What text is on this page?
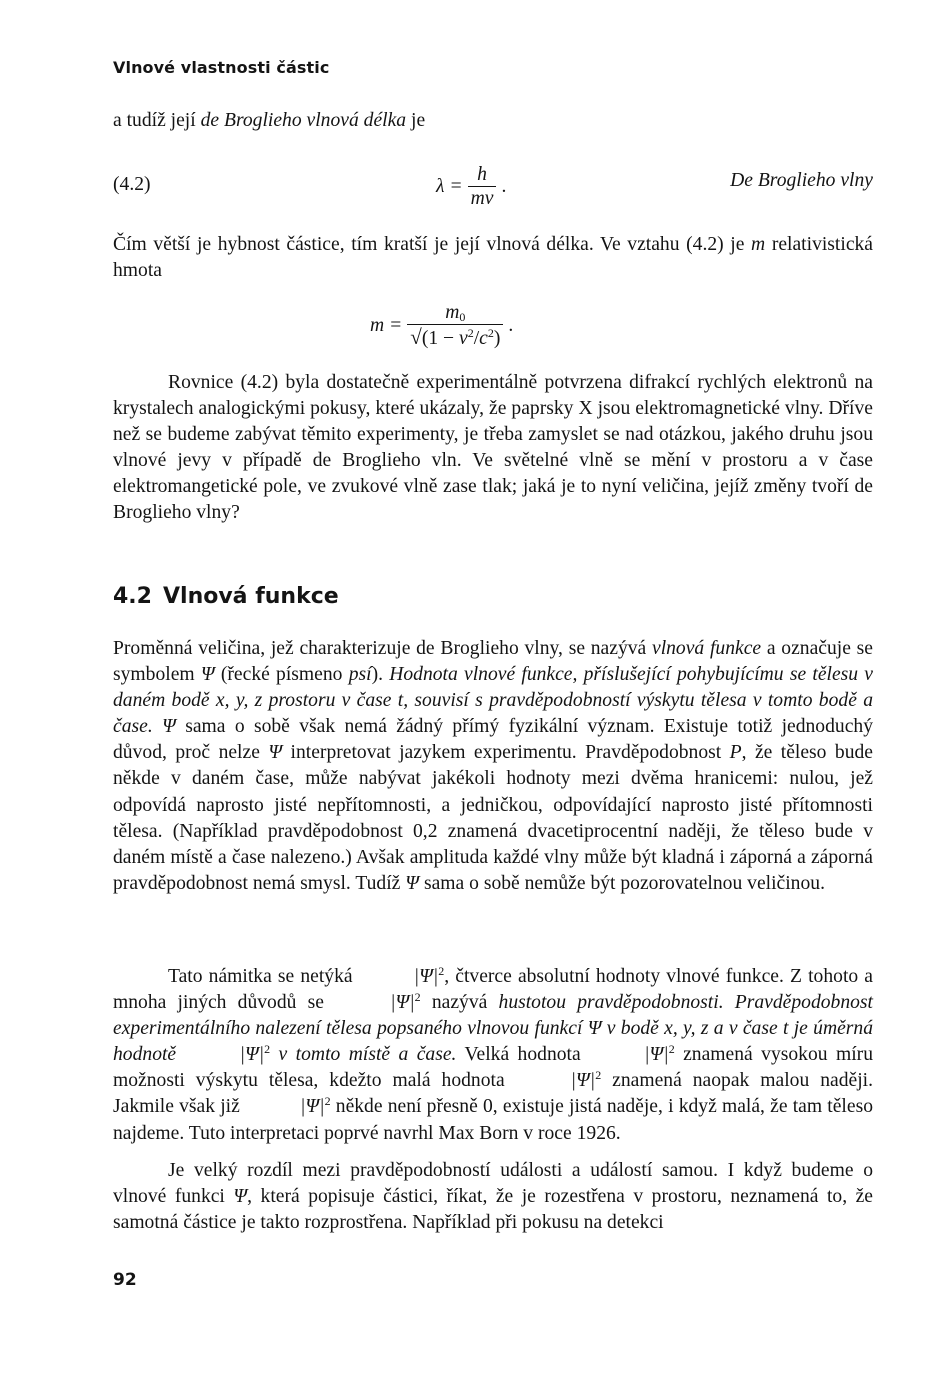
Vlnové vlastnosti částic

a tudíž její de Broglieho vlnová délka je

(4.2)	$\lambda = \frac{h}{mv}$ .	De Broglieho vlny

Čím větší je hybnost částice, tím kratší je její vlnová délka. Ve vztahu (4.2) je m relativistická hmota

$m = \frac{m_0}{√(1 - v^2/c^2)}$ .

Rovnice (4.2) byla dostatečně experimentálně potvrzena difrakcí rychlých elektronů na krystalech analogickými pokusy, které ukázaly, že paprsky X jsou elektromagnetické vlny. Dříve než se budeme zabývat těmito experimenty, je třeba zamyslet se nad otázkou, jakého druhu jsou vlnové jevy v případě de Broglieho vln. Ve světelné vlně se mění v prostoru a v čase elektromangetické pole, ve zvukové vlně zase tlak; jaká je to nyní veličina, jejíž změny tvoří de Broglieho vlny?

4.2 Vlnová funkce

Proměnná veličina, jež charakterizuje de Broglieho vlny, se nazývá vlnová funkce a označuje se symbolem Ψ (řecké písmeno psí). Hodnota vlnové funkce, příslušející pohybujícímu se tělesu v daném bodě x, y, z prostoru v čase t, souvisí s pravděpodobností výskytu tělesa v tomto bodě a čase. Ψ sama o sobě však nemá žádný přímý fyzikální význam. Existuje totiž jednoduchý důvod, proč nelze Ψ interpretovat jazykem experimentu. Pravděpodobnost P, že těleso bude někde v daném čase, může nabývat jakékoli hodnoty mezi dvěma hranicemi: nulou, jež odpovídá naprosto jisté nepřítomnosti, a jedničkou, odpovídající naprosto jisté přítomnosti tělesa. (Například pravděpodobnost 0,2 znamená dvacetiprocentní naději, že těleso bude v daném místě a čase nalezeno.) Avšak amplituda každé vlny může být kladná i záporná a záporná pravděpodobnost nemá smysl. Tudíž Ψ sama o sobě nemůže být pozorovatelnou veličinou.

Tato námitka se netýká	$|\Psi|^2$, čtverce absolutní hodnoty vlnové funkce. Z tohoto a mnoha jiných důvodů se	$|\Psi|^2$ nazývá hustotou pravděpodobnosti. Pravděpodobnost experimentálního nalezení tělesa popsaného vlnovou funkcí Ψ v bodě x, y, z a v čase t je úměrná hodnotě	$|\Psi|^2$ v tomto místě a čase. Velká hodnota	$|\Psi|^2$ znamená vysokou míru možnosti výskytu tělesa, kdežto malá hodnota	$|\Psi|^2$ znamená naopak malou naději. Jakmile však již	$|\Psi|^2$ někde není přesně 0, existuje jistá naděje, i když malá, že tam těleso najdeme. Tuto interpretaci poprvé navrhl Max Born v roce 1926.

Je velký rozdíl mezi pravděpodobností události a událostí samou. I když budeme o vlnové funkci Ψ, která popisuje částici, říkat, že je rozestřena v prostoru, neznamená to, že samotná částice je takto rozprostřena. Například při pokusu na detekci

92
